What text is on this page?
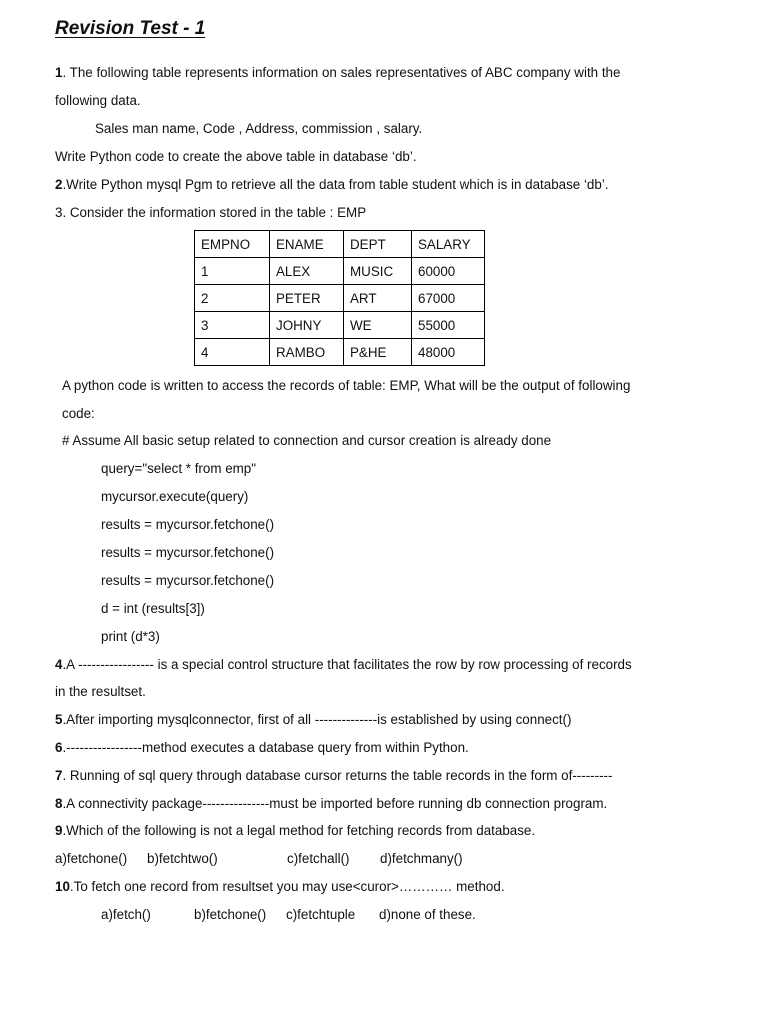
Revision Test - 1
1. The following table represents information on sales representatives of ABC company with the
following data.
Sales man name, Code , Address, commission , salary.
Write Python code to create the above table in database ‘db’.
2.Write Python mysql Pgm to retrieve all the data from table student which is in database ‘db’.
3. Consider the information stored in the table : EMP
EMPNO	ENAME	DEPT	SALARY
1	ALEX	MUSIC	60000
2	PETER	ART	67000
3	JOHNY	WE	55000
4	RAMBO	P&HE	48000
A python code is written to access the records of table: EMP, What will be the output of following
code:
# Assume All basic setup related to connection and cursor creation is already done
query="select * from emp"
mycursor.execute(query)
results = mycursor.fetchone()
results = mycursor.fetchone()
results = mycursor.fetchone()
d = int (results[3])
print (d*3)
4.A ----------------- is a special control structure that facilitates the row by row processing of records
in the resultset.
5.After importing mysqlconnector, first of all --------------is established by using connect()
6.-----------------method executes a database query from within Python.
7. Running of sql query through database cursor returns the table records in the form of---------
8.A connectivity package---------------must be imported before running db connection program.
9.Which of the following is not a legal method for fetching records from database.
a)fetchone() b)fetchtwo()	c)fetchall() d)fetchmany()
10.To fetch one record from resultset you may use<curor>………… method.
a)fetch()	b)fetchone() c)fetchtuple d)none of these.
